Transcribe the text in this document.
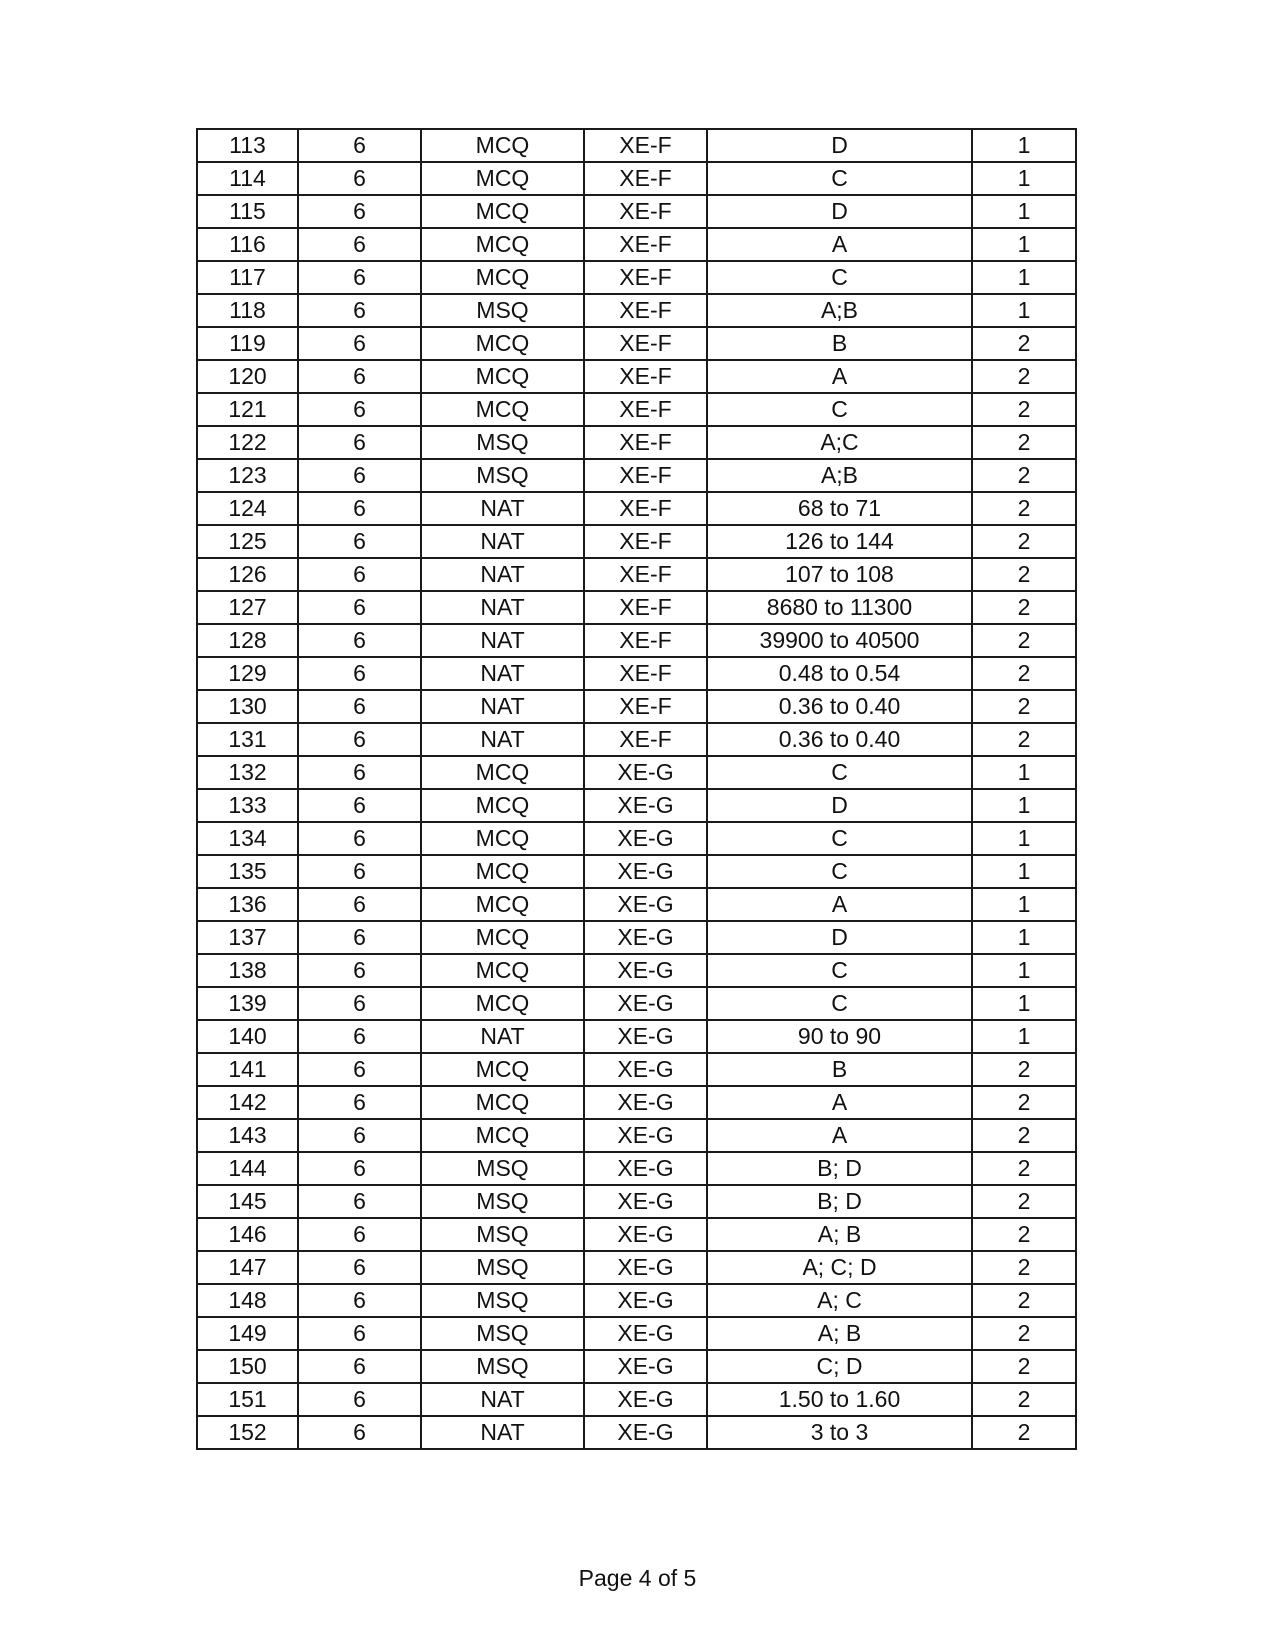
113	6	MCQ	XE-F	D	1
114	6	MCQ	XE-F	C	1
115	6	MCQ	XE-F	D	1
116	6	MCQ	XE-F	A	1
117	6	MCQ	XE-F	C	1
118	6	MSQ	XE-F	A;B	1
119	6	MCQ	XE-F	B	2
120	6	MCQ	XE-F	A	2
121	6	MCQ	XE-F	C	2
122	6	MSQ	XE-F	A;C	2
123	6	MSQ	XE-F	A;B	2
124	6	NAT	XE-F	68 to 71	2
125	6	NAT	XE-F	126 to 144	2
126	6	NAT	XE-F	107 to 108	2
127	6	NAT	XE-F	8680 to 11300	2
128	6	NAT	XE-F	39900 to 40500	2
129	6	NAT	XE-F	0.48 to 0.54	2
130	6	NAT	XE-F	0.36 to 0.40	2
131	6	NAT	XE-F	0.36 to 0.40	2
132	6	MCQ	XE-G	C	1
133	6	MCQ	XE-G	D	1
134	6	MCQ	XE-G	C	1
135	6	MCQ	XE-G	C	1
136	6	MCQ	XE-G	A	1
137	6	MCQ	XE-G	D	1
138	6	MCQ	XE-G	C	1
139	6	MCQ	XE-G	C	1
140	6	NAT	XE-G	90 to 90	1
141	6	MCQ	XE-G	B	2
142	6	MCQ	XE-G	A	2
143	6	MCQ	XE-G	A	2
144	6	MSQ	XE-G	B; D	2
145	6	MSQ	XE-G	B; D	2
146	6	MSQ	XE-G	A; B	2
147	6	MSQ	XE-G	A; C; D	2
148	6	MSQ	XE-G	A; C	2
149	6	MSQ	XE-G	A; B	2
150	6	MSQ	XE-G	C; D	2
151	6	NAT	XE-G	1.50 to 1.60	2
152	6	NAT	XE-G	3 to 3	2
Page 4 of 5
